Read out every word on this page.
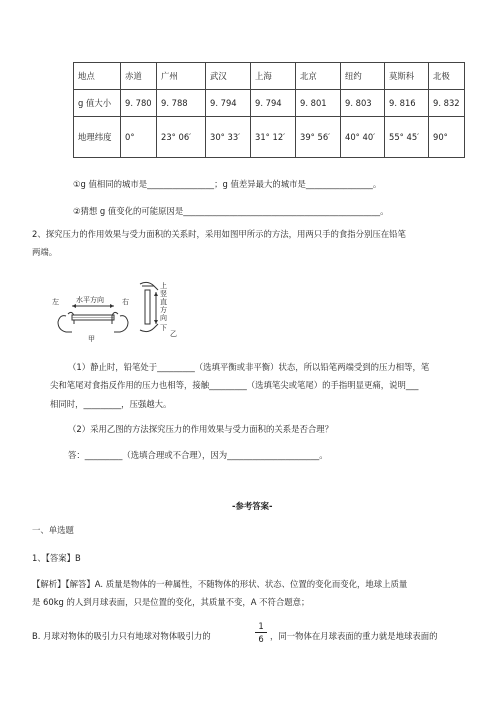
地点	赤道	广州	武汉	上海	北京	纽约	莫斯科	北极
g 值大小	9. 780	9. 788	9. 794	9. 794	9. 801	9. 803	9. 816	9. 832
地理纬度	0°	23° 06′	30° 33′	31° 12′	39° 56′	40° 40′	55° 45′	90°
①g 值相同的城市是________________；g 值差异最大的城市是________________。
②猜想 g 值变化的可能原因是_______________________________________________。
2、探究压力的作用效果与受力面积的关系时，采用如图甲所示的方法，用两只手的食指分别压在铅笔
两端。
左 水平方向	右
甲
上
下
乙
竖直方向
（1）静止时，铅笔处于_________（选填平衡或非平衡）状态，所以铅笔两端受到的压力相等，笔
尖和笔尾对食指反作用的压力也相等，接触_________（选填笔尖或笔尾）的手指明显更痛，说明___
相同时，_________，压强越大。
（2）采用乙图的方法探究压力的作用效果与受力面积的关系是否合理？
答：_________（选填合理或不合理），因为______________________。
-参考答案-
一、单选题
1、【答案】B
【解析】【解答】A. 质量是物体的一种属性，不随物体的形状、状态、位置的变化而变化，地球上质量
是 60kg 的人到月球表面，只是位置的变化，其质量不变，A 不符合题意；
B. 月球对物体的吸引力只有地球对物体吸引力的
1
6 ，同一物体在月球表面的重力就是地球表面的
